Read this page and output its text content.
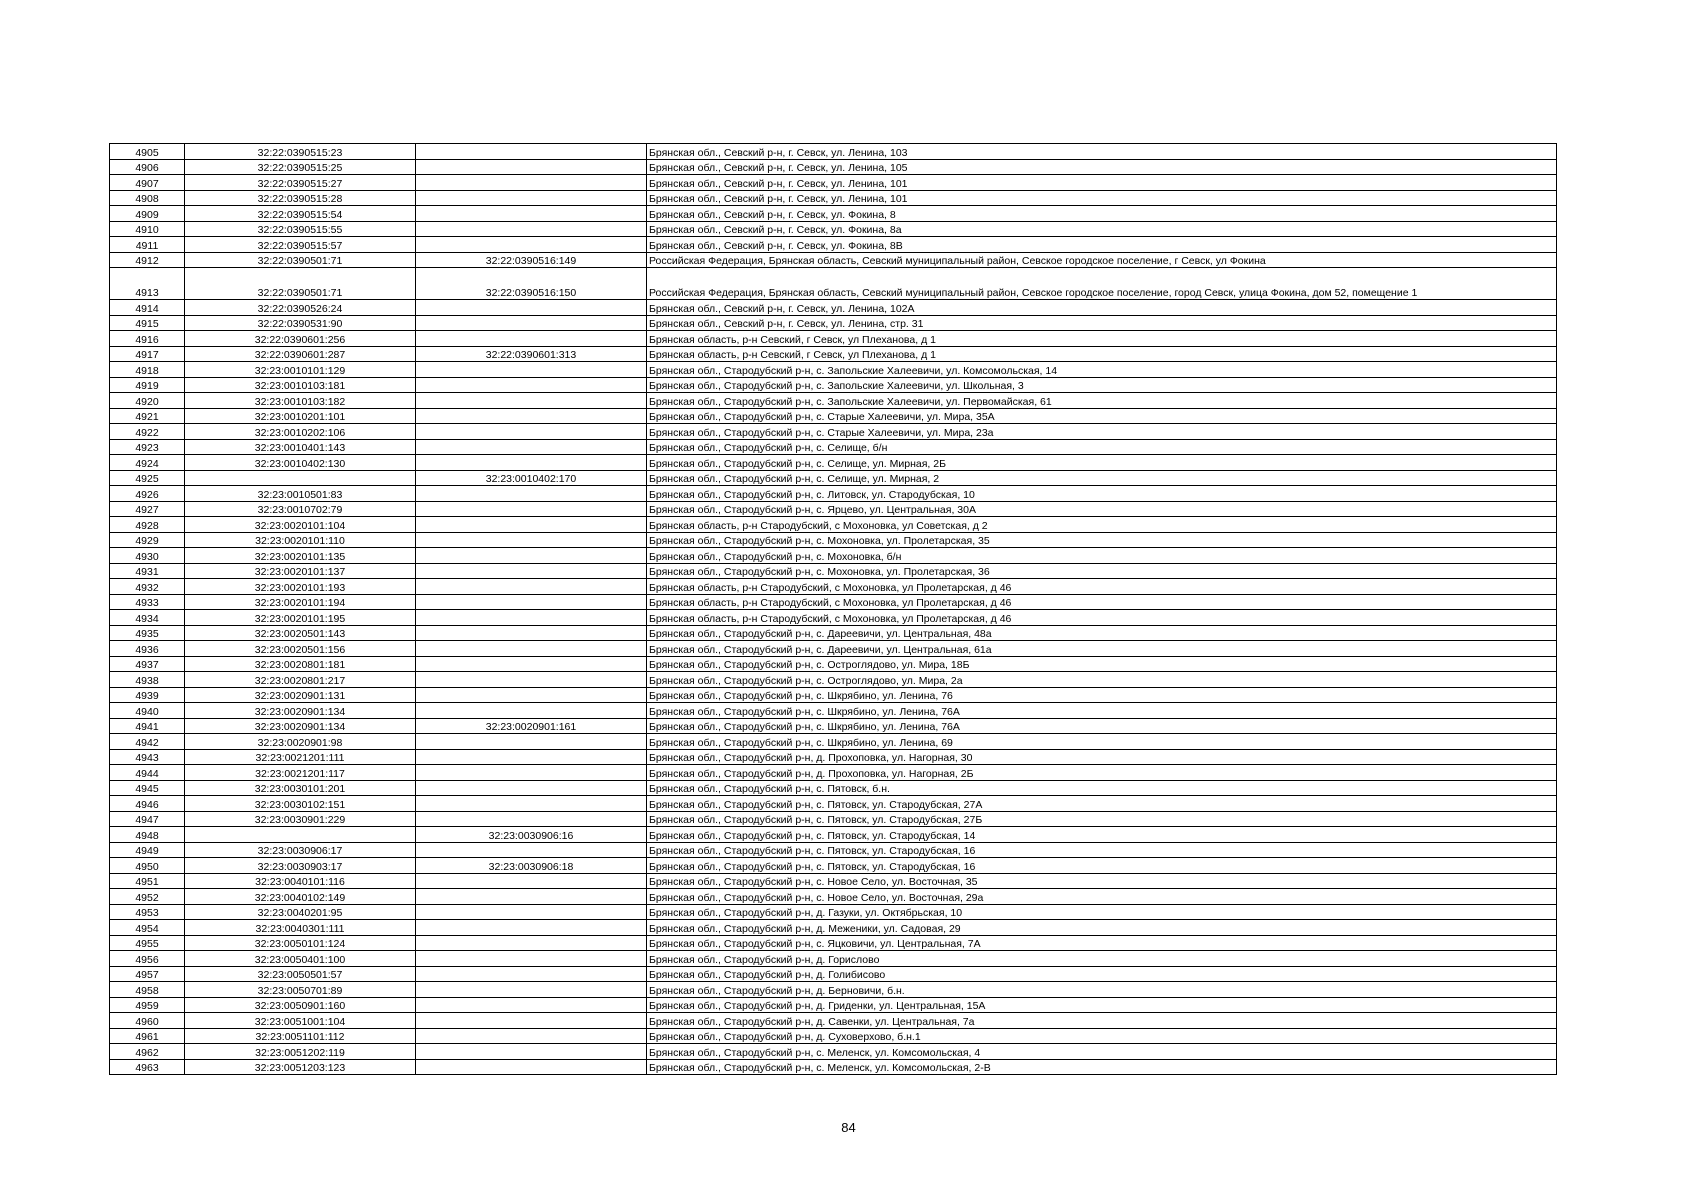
4905	32:22:0390515:23		Брянская обл., Севский р-н, г. Севск, ул. Ленина, 103
4906	32:22:0390515:25		Брянская обл., Севский р-н, г. Севск, ул. Ленина, 105
4907	32:22:0390515:27		Брянская обл., Севский р-н, г. Севск, ул. Ленина, 101
4908	32:22:0390515:28		Брянская обл., Севский р-н, г. Севск, ул. Ленина, 101
4909	32:22:0390515:54		Брянская обл., Севский р-н, г. Севск, ул. Фокина, 8
4910	32:22:0390515:55		Брянская обл., Севский р-н, г. Севск, ул. Фокина, 8а
4911	32:22:0390515:57		Брянская обл., Севский р-н, г. Севск, ул. Фокина, 8В
4912	32:22:0390501:71	32:22:0390516:149	Российская Федерация, Брянская область, Севский муниципальный район, Севское городское поселение, г Севск, ул Фокина
4913	32:22:0390501:71	32:22:0390516:150	Российская Федерация, Брянская область, Севский муниципальный район, Севское городское поселение, город Севск, улица Фокина, дом 52, помещение 1
4914	32:22:0390526:24		Брянская обл., Севский р-н, г. Севск, ул. Ленина, 102А
4915	32:22:0390531:90		Брянская обл., Севский р-н, г. Севск, ул. Ленина, стр. 31
4916	32:22:0390601:256		Брянская область, р-н Севский, г Севск, ул Плеханова, д 1
4917	32:22:0390601:287	32:22:0390601:313	Брянская область, р-н Севский, г Севск, ул Плеханова, д 1
4918	32:23:0010101:129		Брянская обл., Стародубский р-н, с. Запольские Халеевичи, ул. Комсомольская, 14
4919	32:23:0010103:181		Брянская обл., Стародубский р-н, с. Запольские Халеевичи, ул. Школьная, 3
4920	32:23:0010103:182		Брянская обл., Стародубский р-н, с. Запольские Халеевичи, ул. Первомайская, 61
4921	32:23:0010201:101		Брянская обл., Стародубский р-н, с. Старые Халеевичи, ул. Мира, 35А
4922	32:23:0010202:106		Брянская обл., Стародубский р-н, с. Старые Халеевичи, ул. Мира, 23а
4923	32:23:0010401:143		Брянская обл., Стародубский р-н, с. Селище, б/н
4924	32:23:0010402:130		Брянская обл., Стародубский р-н, с. Селище, ул. Мирная, 2Б
4925		32:23:0010402:170	Брянская обл., Стародубский р-н, с. Селище, ул. Мирная, 2
4926	32:23:0010501:83		Брянская обл., Стародубский р-н, с. Литовск, ул. Стародубская, 10
4927	32:23:0010702:79		Брянская обл., Стародубский р-н, с. Ярцево, ул. Центральная, 30А
4928	32:23:0020101:104		Брянская область, р-н Стародубский, с Мохоновка, ул Советская, д 2
4929	32:23:0020101:110		Брянская обл., Стародубский р-н, с. Мохоновка, ул. Пролетарская, 35
4930	32:23:0020101:135		Брянская обл., Стародубский р-н, с. Мохоновка, б/н
4931	32:23:0020101:137		Брянская обл., Стародубский р-н, с. Мохоновка, ул. Пролетарская, 36
4932	32:23:0020101:193		Брянская область, р-н Стародубский, с Мохоновка, ул Пролетарская, д 46
4933	32:23:0020101:194		Брянская область, р-н Стародубский, с Мохоновка, ул Пролетарская, д 46
4934	32:23:0020101:195		Брянская область, р-н Стародубский, с Мохоновка, ул Пролетарская, д 46
4935	32:23:0020501:143		Брянская обл., Стародубский р-н, с. Дареевичи, ул. Центральная, 48а
4936	32:23:0020501:156		Брянская обл., Стародубский р-н, с. Дареевичи, ул. Центральная, 61а
4937	32:23:0020801:181		Брянская обл., Стародубский р-н, с. Остроглядово, ул. Мира, 18Б
4938	32:23:0020801:217		Брянская обл., Стародубский р-н, с. Остроглядово, ул. Мира, 2а
4939	32:23:0020901:131		Брянская обл., Стародубский р-н, с. Шкрябино, ул. Ленина, 76
4940	32:23:0020901:134		Брянская обл., Стародубский р-н, с. Шкрябино, ул. Ленина, 76А
4941	32:23:0020901:134	32:23:0020901:161	Брянская обл., Стародубский р-н, с. Шкрябино, ул. Ленина, 76А
4942	32:23:0020901:98		Брянская обл., Стародубский р-н, с. Шкрябино, ул. Ленина, 69
4943	32:23:0021201:111		Брянская обл., Стародубский р-н, д. Прохоповка, ул. Нагорная, 30
4944	32:23:0021201:117		Брянская обл., Стародубский р-н, д. Прохоповка, ул. Нагорная, 2Б
4945	32:23:0030101:201		Брянская обл., Стародубский р-н, с. Пятовск, б.н.
4946	32:23:0030102:151		Брянская обл., Стародубский р-н, с. Пятовск, ул. Стародубская, 27А
4947	32:23:0030901:229		Брянская обл., Стародубский р-н, с. Пятовск, ул. Стародубская, 27Б
4948		32:23:0030906:16	Брянская обл., Стародубский р-н, с. Пятовск, ул. Стародубская, 14
4949	32:23:0030906:17		Брянская обл., Стародубский р-н, с. Пятовск, ул. Стародубская, 16
4950	32:23:0030903:17	32:23:0030906:18	Брянская обл., Стародубский р-н, с. Пятовск, ул. Стародубская, 16
4951	32:23:0040101:116		Брянская обл., Стародубский р-н, с. Новое Село, ул. Восточная, 35
4952	32:23:0040102:149		Брянская обл., Стародубский р-н, с. Новое Село, ул. Восточная, 29а
4953	32:23:0040201:95		Брянская обл., Стародубский р-н, д. Газуки, ул. Октябрьская, 10
4954	32:23:0040301:111		Брянская обл., Стародубский р-н, д. Меженики, ул. Садовая, 29
4955	32:23:0050101:124		Брянская обл., Стародубский р-н, с. Яцковичи, ул. Центральная, 7А
4956	32:23:0050401:100		Брянская обл., Стародубский р-н, д. Горислово
4957	32:23:0050501:57		Брянская обл., Стародубский р-н, д. Голибисово
4958	32:23:0050701:89		Брянская обл., Стародубский р-н, д. Берновичи, б.н.
4959	32:23:0050901:160		Брянская обл., Стародубский р-н, д. Гриденки, ул. Центральная, 15А
4960	32:23:0051001:104		Брянская обл., Стародубский р-н, д. Савенки, ул. Центральная, 7а
4961	32:23:0051101:112		Брянская обл., Стародубский р-н, д. Суховерхово, б.н.1
4962	32:23:0051202:119		Брянская обл., Стародубский р-н, с. Меленск, ул. Комсомольская, 4
4963	32:23:0051203:123		Брянская обл., Стародубский р-н, с. Меленск, ул. Комсомольская, 2-В
84
